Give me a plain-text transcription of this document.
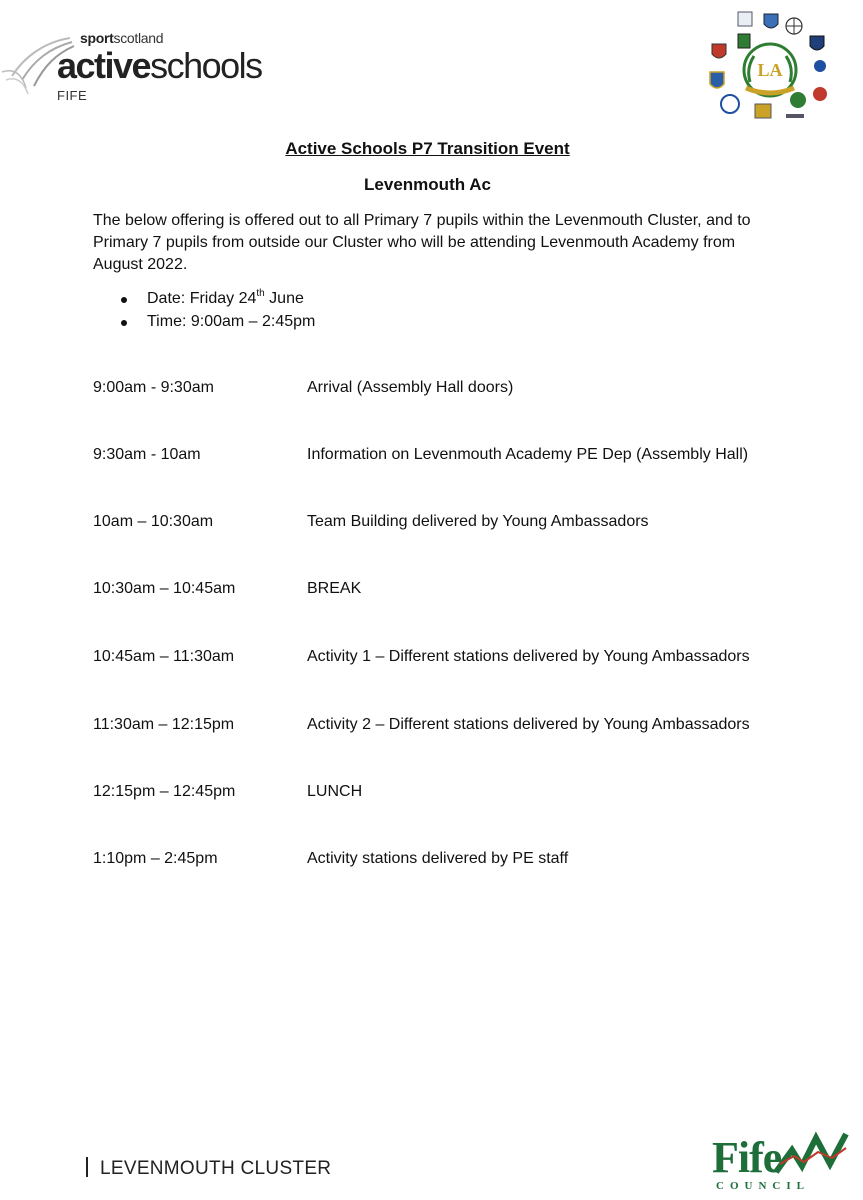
sportscotland
activeschools
FIFE
LA
Active Schools P7 Transition Event
Levenmouth Ac

The below offering is offered out to all Primary 7 pupils within the Levenmouth Cluster, and to Primary 7 pupils from outside our Cluster who will be attending Levenmouth Academy from August 2022.

Date: Friday 24th June
Time: 9:00am – 2:45pm
9:00am - 9:30am	Arrival (Assembly Hall doors)
9:30am - 10am	Information on Levenmouth Academy PE Dep (Assembly Hall)
10am – 10:30am	Team Building delivered by Young Ambassadors
10:30am – 10:45am	BREAK
10:45am – 11:30am	Activity 1 – Different stations delivered by Young Ambassadors
11:30am – 12:15pm	Activity 2 – Different stations delivered by Young Ambassadors
12:15pm – 12:45pm	LUNCH
1:10pm – 2:45pm	Activity stations delivered by PE staff
LEVENMOUTH CLUSTER	Fife
COUNCIL
